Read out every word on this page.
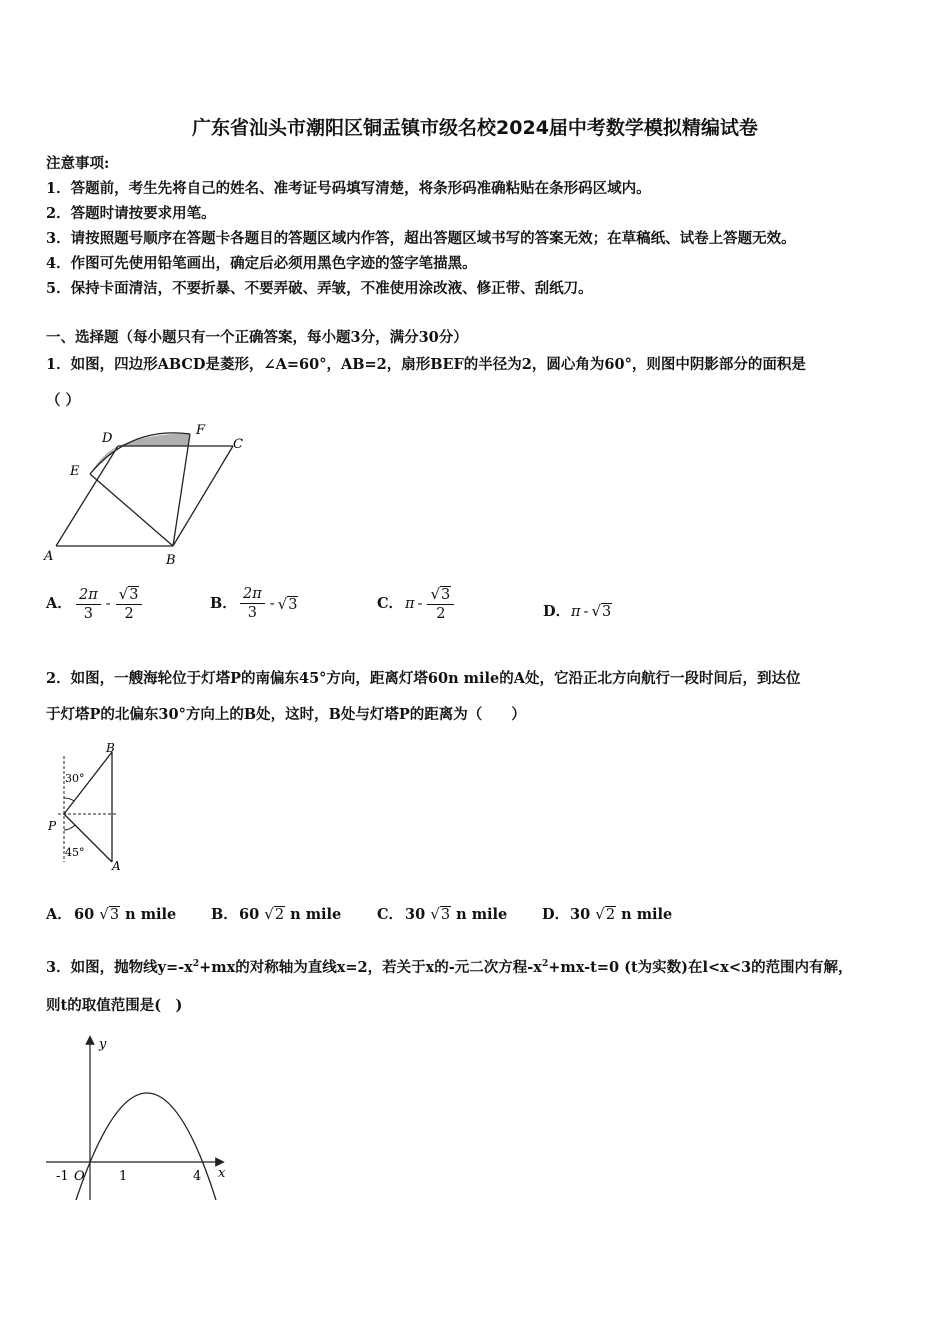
广东省汕头市潮阳区铜盂镇市级名校2024届中考数学模拟精编试卷
注意事项:
1．答题前，考生先将自己的姓名、准考证号码填写清楚，将条形码准确粘贴在条形码区域内。
2．答题时请按要求用笔。
3．请按照题号顺序在答题卡各题目的答题区域内作答，超出答题区域书写的答案无效；在草稿纸、试卷上答题无效。
4．作图可先使用铅笔画出，确定后必须用黑色字迹的签字笔描黑。
5．保持卡面清洁，不要折暴、不要弄破、弄皱，不准使用涂改液、修正带、刮纸刀。
一、选择题（每小题只有一个正确答案，每小题3分，满分30分）
1．如图，四边形ABCD是菱形，∠A=60°，AB=2，扇形BEF的半径为2，圆心角为60°，则图中阴影部分的面积是
（ ）
D
F
C
E
A	B
A． $\frac{2\pi}{3} - \frac{√3}{2}$	B． $\frac{2\pi}{3} - √3$	C． π - $\frac{√3}{2}$	D．π - √3
2．如图，一艘海轮位于灯塔P的南偏东45°方向，距离灯塔60n mile的A处，它沿正北方向航行一段时间后，到达位
于灯塔P的北偏东30°方向上的B处，这时，B处与灯塔P的距离为（　　）
B
30°
P
45°
A
A． 60 √3 n mile B．60 √2 n mile C． 30 √3 n mile D．30 √2 n mile
3．如图，抛物线$y=-x^2+mx$的对称轴为直线x=2，若关于x的-元二次方程$-x^2+mx-t=0$ (t为实数)在l<x<3的范围内有解，
则t的取值范围是(　)
y
x
-1 O	1	4
